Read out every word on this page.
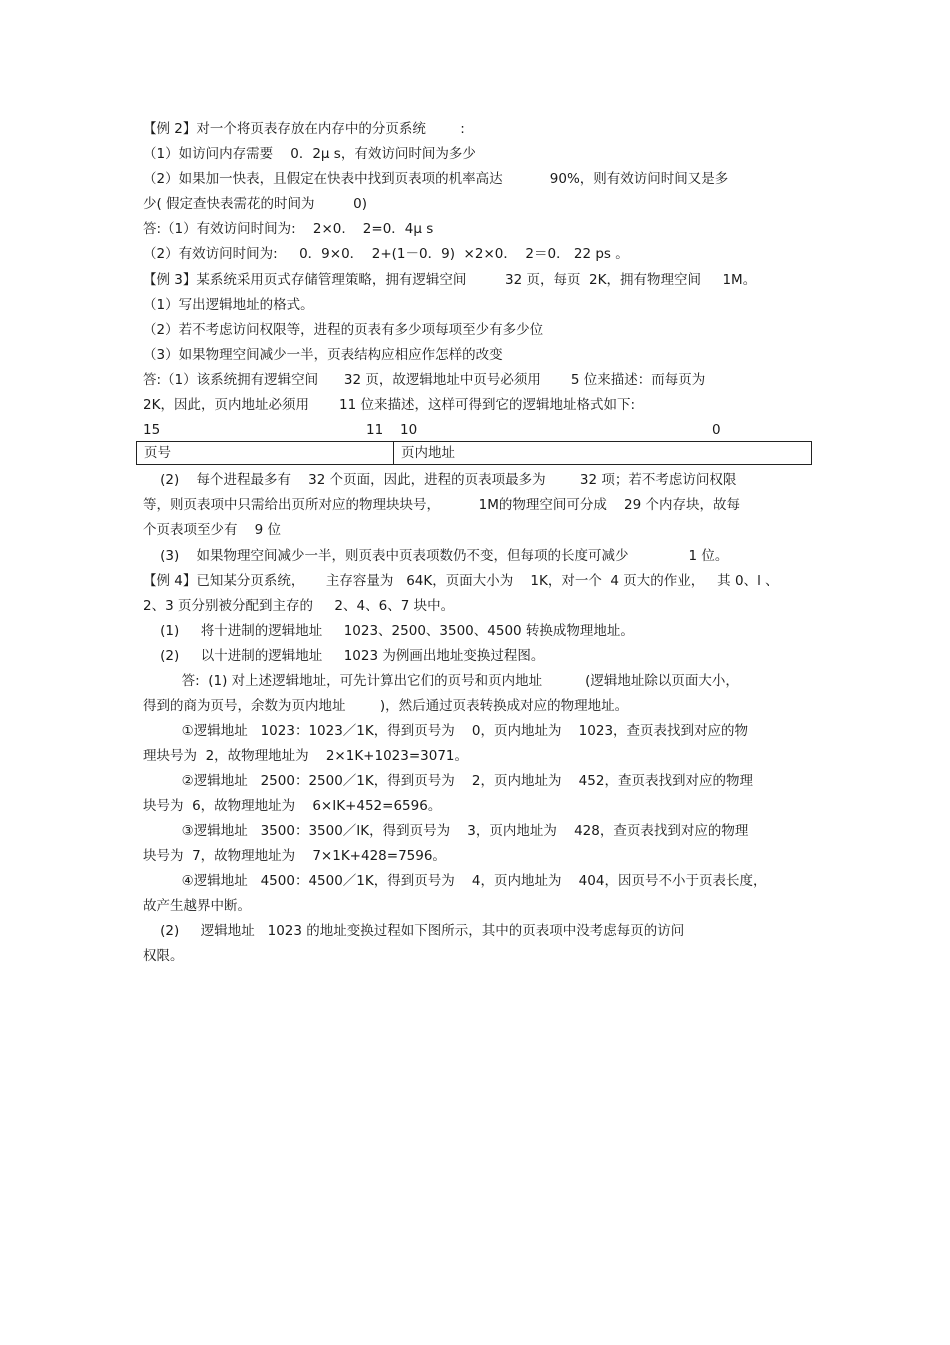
【例 2】对一个将页表存放在内存中的分页系统        :
（1）如访问内存需要    0．2μ s，有效访问时间为多少
（2）如果加一快表，且假定在快表中找到页表项的机率高达           90%，则有效访问时间又是多
少( 假定查快表需花的时间为         0)
答:（1）有效访问时间为:    2×0.    2=0．4μ s
（2）有效访问时间为:     0．9×0．  2+(1－0．9)  ×2×0．  2＝0． 22 ps 。
【例 3】某系统采用页式存储管理策略，拥有逻辑空间         32 页，每页  2K，拥有物理空间     1M。
（1）写出逻辑地址的格式。
（2）若不考虑访问权限等，进程的页表有多少项每项至少有多少位
（3）如果物理空间减少一半，页表结构应相应作怎样的改变
答:（1）该系统拥有逻辑空间      32 页，故逻辑地址中页号必须用       5 位来描述：而每页为
2K，因此，页内地址必须用       11 位来描述，这样可得到它的逻辑地址格式如下:
15	11 10	0
页号	页内地址
(2)    每个进程最多有    32 个页面，因此，进程的页表项最多为        32 项；若不考虑访问权限
等，则页表项中只需给出页所对应的物理块块号，         1M的物理空间可分成    29 个内存块，故每
个页表项至少有    9 位
(3)    如果物理空间减少一半，则页表中页表项数仍不变，但每项的长度可减少              1 位。
【例 4】已知某分页系统，     主存容量为   64K，页面大小为    1K，对一个  4 页大的作业，   其 0、l 、
2、3 页分别被分配到主存的     2、4、6、7 块中。
(1)     将十进制的逻辑地址     1023、2500、3500、4500 转换成物理地址。
(2)     以十进制的逻辑地址     1023 为例画出地址变换过程图。
答:  (1) 对上述逻辑地址，可先计算出它们的页号和页内地址          (逻辑地址除以页面大小，
得到的商为页号，余数为页内地址        )，然后通过页表转换成对应的物理地址。
①逻辑地址   1023：1023／1K，得到页号为    0，页内地址为    1023，查页表找到对应的物
理块号为  2，故物理地址为    2×1K+1023=3071。
②逻辑地址   2500：2500／1K，得到页号为    2，页内地址为    452，查页表找到对应的物理
块号为  6，故物理地址为    6×IK+452=6596。
③逻辑地址   3500：3500／IK，得到页号为    3，页内地址为    428，查页表找到对应的物理
块号为  7，故物理地址为    7×1K+428=7596。
④逻辑地址   4500：4500／1K，得到页号为    4，页内地址为    404，因页号不小于页表长度，
故产生越界中断。
(2)     逻辑地址   1023 的地址变换过程如下图所示，其中的页表项中没考虑每页的访问
权限。
